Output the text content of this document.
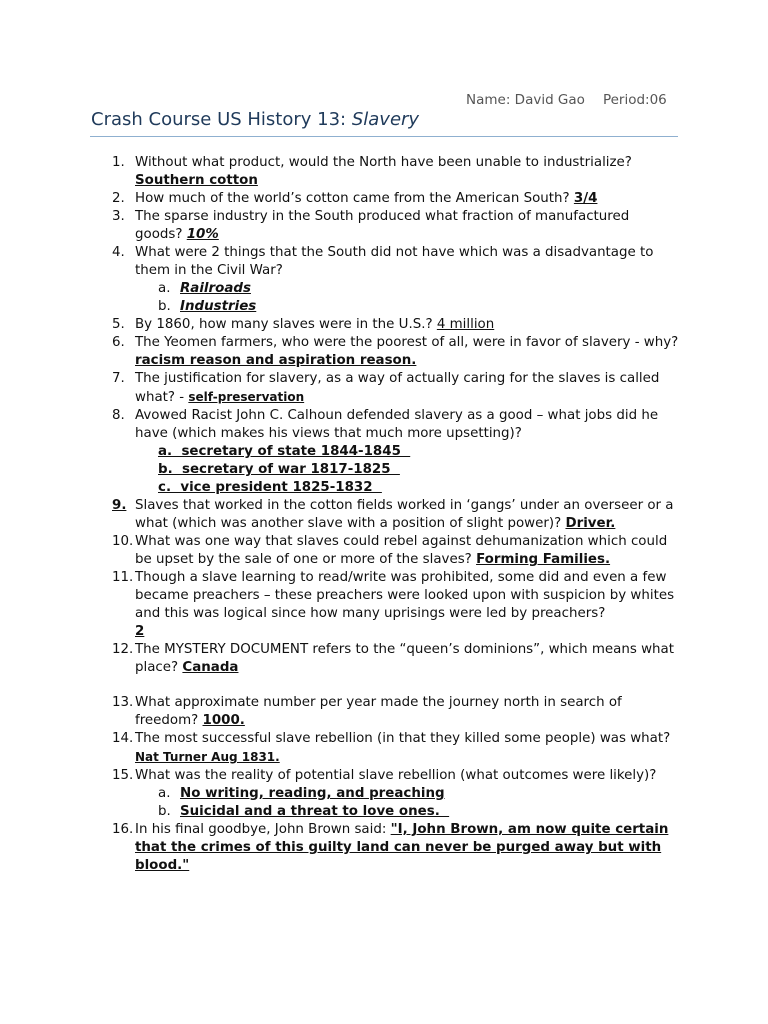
Name: David Gao Period:06
Crash Course US History 13: Slavery
1. Without what product, would the North have been unable to industrialize?
Southern cotton
2. How much of the world’s cotton came from the American South? 3/4
3. The sparse industry in the South produced what fraction of manufactured goods? 10%
4. What were 2 things that the South did not have which was a disadvantage to them in the Civil War?
a. Railroads
b. Industries
5. By 1860, how many slaves were in the U.S.? 4 million
6. The Yeomen farmers, who were the poorest of all, were in favor of slavery - why? racism reason and aspiration reason.
7. The justification for slavery, as a way of actually caring for the slaves is called what? - self-preservation
8. Avowed Racist John C. Calhoun defended slavery as a good – what jobs did he have (which makes his views that much more upsetting)?
a.  secretary of state 1844-1845
b.  secretary of war 1817-1825
c.  vice president 1825-1832
9. Slaves that worked in the cotton fields worked in ‘gangs’ under an overseer or a what (which was another slave with a position of slight power)? Driver.
10. What was one way that slaves could rebel against dehumanization which could be upset by the sale of one or more of the slaves? Forming Families.
11. Though a slave learning to read/write was prohibited, some did and even a few became preachers – these preachers were looked upon with suspicion by whites and this was logical since how many uprisings were led by preachers?
2
12. The MYSTERY DOCUMENT refers to the “queen’s dominions”, which means what place? Canada
13. What approximate number per year made the journey north in search of freedom? 1000.
14. The most successful slave rebellion (in that they killed some people) was what?
Nat Turner Aug 1831.
15. What was the reality of potential slave rebellion (what outcomes were likely)?
a. No writing, reading, and preaching
b. Suicidal and a threat to love ones.
16. In his final goodbye, John Brown said: "I, John Brown, am now quite certain that the crimes of this guilty land can never be purged away but with blood."
